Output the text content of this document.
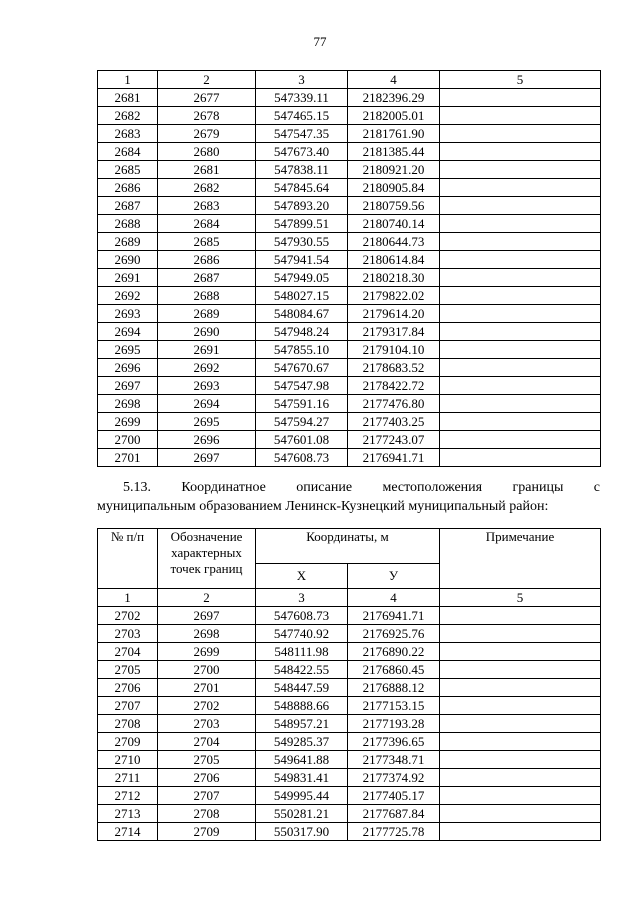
77
1	2	3	4	5
2681	2677	547339.11	2182396.29	
2682	2678	547465.15	2182005.01	
2683	2679	547547.35	2181761.90	
2684	2680	547673.40	2181385.44	
2685	2681	547838.11	2180921.20	
2686	2682	547845.64	2180905.84	
2687	2683	547893.20	2180759.56	
2688	2684	547899.51	2180740.14	
2689	2685	547930.55	2180644.73	
2690	2686	547941.54	2180614.84	
2691	2687	547949.05	2180218.30	
2692	2688	548027.15	2179822.02	
2693	2689	548084.67	2179614.20	
2694	2690	547948.24	2179317.84	
2695	2691	547855.10	2179104.10	
2696	2692	547670.67	2178683.52	
2697	2693	547547.98	2178422.72	
2698	2694	547591.16	2177476.80	
2699	2695	547594.27	2177403.25	
2700	2696	547601.08	2177243.07	
2701	2697	547608.73	2176941.71	
5.13. Координатное описание местоположения границы с
муниципальным образованием Ленинск-Кузнецкий муниципальный район:
№ п/п	Обозначение характерных точек границ	Координаты, м		Примечание
		X	У	
1	2	3	4	5
2702	2697	547608.73	2176941.71	
2703	2698	547740.92	2176925.76	
2704	2699	548111.98	2176890.22	
2705	2700	548422.55	2176860.45	
2706	2701	548447.59	2176888.12	
2707	2702	548888.66	2177153.15	
2708	2703	548957.21	2177193.28	
2709	2704	549285.37	2177396.65	
2710	2705	549641.88	2177348.71	
2711	2706	549831.41	2177374.92	
2712	2707	549995.44	2177405.17	
2713	2708	550281.21	2177687.84	
2714	2709	550317.90	2177725.78	
